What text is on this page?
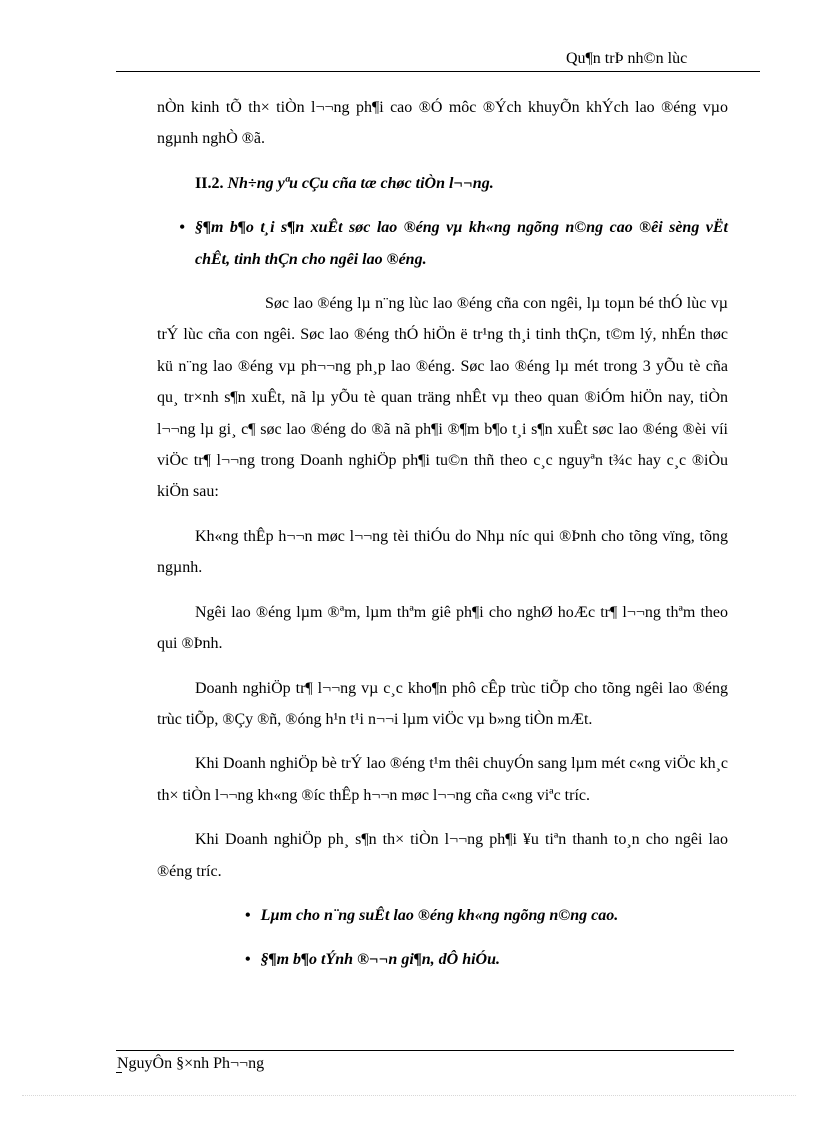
Qu¶n trÞ nh©n lùc

nÒn kinh tÕ th× tiÒn l¬¬ng ph¶i cao ®Ó môc ®Ých khuyÕn khÝch lao ®éng vµo ngµnh nghÒ ®ã.

II.2. Nh÷ng yªu cÇu cña tæ chøc tiÒn l¬¬ng.

• §¶m b¶o t¸i s¶n xuÊt søc lao ®éng vµ kh«ng ngõng n©ng cao ®êi sèng vËt chÊt, tinh thÇn cho ngêi lao ®éng.

Søc lao ®éng lµ n¨ng lùc lao ®éng cña con ngêi, lµ toµn bé thÓ lùc vµ trÝ lùc cña con ngêi. Søc lao ®éng thÓ hiÖn ë tr¹ng th¸i tinh thÇn, t©m lý, nhÉn thøc kü n¨ng lao ®éng vµ ph¬¬ng ph¸p lao ®éng. Søc lao ®éng lµ mét trong 3 yÕu tè cña qu¸ tr×nh s¶n xuÊt, nã lµ yÕu tè quan träng nhÊt vµ theo quan ®iÓm hiÖn nay, tiÒn l¬¬ng lµ gi¸ c¶ søc lao ®éng do ®ã nã ph¶i ®¶m b¶o t¸i s¶n xuÊt søc lao ®éng ®èi víi viÖc tr¶ l¬¬ng trong Doanh nghiÖp ph¶i tu©n thñ theo c¸c nguyªn t¾c hay c¸c ®iÒu kiÖn sau:

Kh«ng thÊp h¬¬n møc l¬¬ng tèi thiÓu do Nhµ níc qui ®Þnh cho tõng vïng, tõng ngµnh.

Ngêi lao ®éng lµm ®ªm, lµm thªm giê ph¶i cho nghØ hoÆc tr¶ l¬¬ng thªm theo qui ®Þnh.

Doanh nghiÖp tr¶ l¬¬ng vµ c¸c kho¶n phô cÊp trùc tiÕp cho tõng ngêi lao ®éng trùc tiÕp, ®Çy ®ñ, ®óng h¹n t¹i n¬¬i lµm viÖc vµ b»ng tiÒn mÆt.

Khi Doanh nghiÖp bè trÝ lao ®éng t¹m thêi chuyÓn sang lµm mét c«ng viÖc kh¸c th× tiÒn l¬¬ng kh«ng ®íc thÊp h¬¬n møc l¬¬ng cña c«ng viªc tríc.

Khi Doanh nghiÖp ph¸ s¶n th× tiÒn l¬¬ng ph¶i ¥u tiªn thanh to¸n cho ngêi lao ®éng tríc.

• Lµm cho n¨ng suÊt lao ®éng kh«ng ngõng n©ng cao.

• §¶m b¶o tÝnh ®¬¬n gi¶n, dÔ hiÓu.

NguyÔn §×nh Ph¬¬ng
